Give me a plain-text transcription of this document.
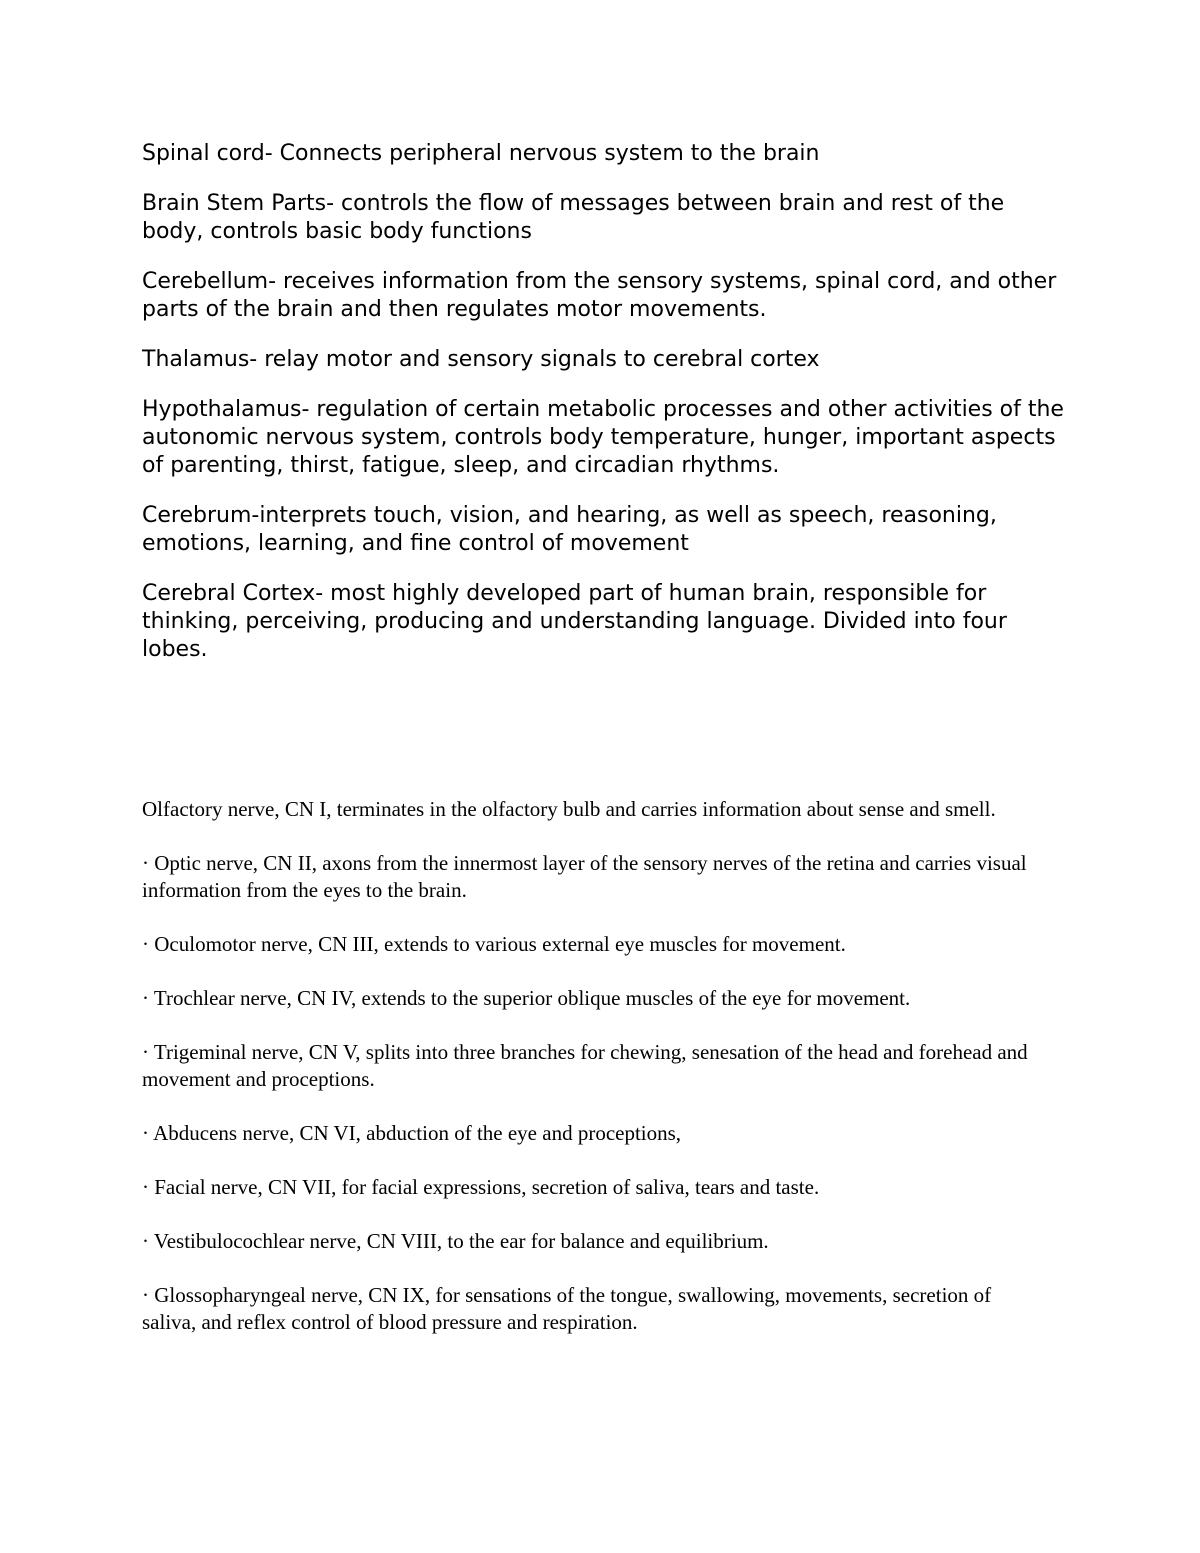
Spinal cord- Connects peripheral nervous system to the brain

Brain Stem Parts- controls the flow of messages between brain and rest of the body, controls basic body functions

Cerebellum- receives information from the sensory systems, spinal cord, and other parts of the brain and then regulates motor movements.

Thalamus- relay motor and sensory signals to cerebral cortex

Hypothalamus- regulation of certain metabolic processes and other activities of the autonomic nervous system, controls body temperature, hunger, important aspects of parenting, thirst, fatigue, sleep, and circadian rhythms.

Cerebrum-interprets touch, vision, and hearing, as well as speech, reasoning, emotions, learning, and fine control of movement

Cerebral Cortex- most highly developed part of human brain, responsible for thinking, perceiving, producing and understanding language. Divided into four lobes.

Olfactory nerve, CN I, terminates in the olfactory bulb and carries information about sense and smell.

· Optic nerve, CN II, axons from the innermost layer of the sensory nerves of the retina and carries visual information from the eyes to the brain.

· Oculomotor nerve, CN III, extends to various external eye muscles for movement.

· Trochlear nerve, CN IV, extends to the superior oblique muscles of the eye for movement.

· Trigeminal nerve, CN V, splits into three branches for chewing, senesation of the head and forehead and movement and proceptions.

· Abducens nerve, CN VI, abduction of the eye and proceptions,

· Facial nerve, CN VII, for facial expressions, secretion of saliva, tears and taste.

· Vestibulocochlear nerve, CN VIII, to the ear for balance and equilibrium.

· Glossopharyngeal nerve, CN IX, for sensations of the tongue, swallowing, movements, secretion of saliva, and reflex control of blood pressure and respiration.
